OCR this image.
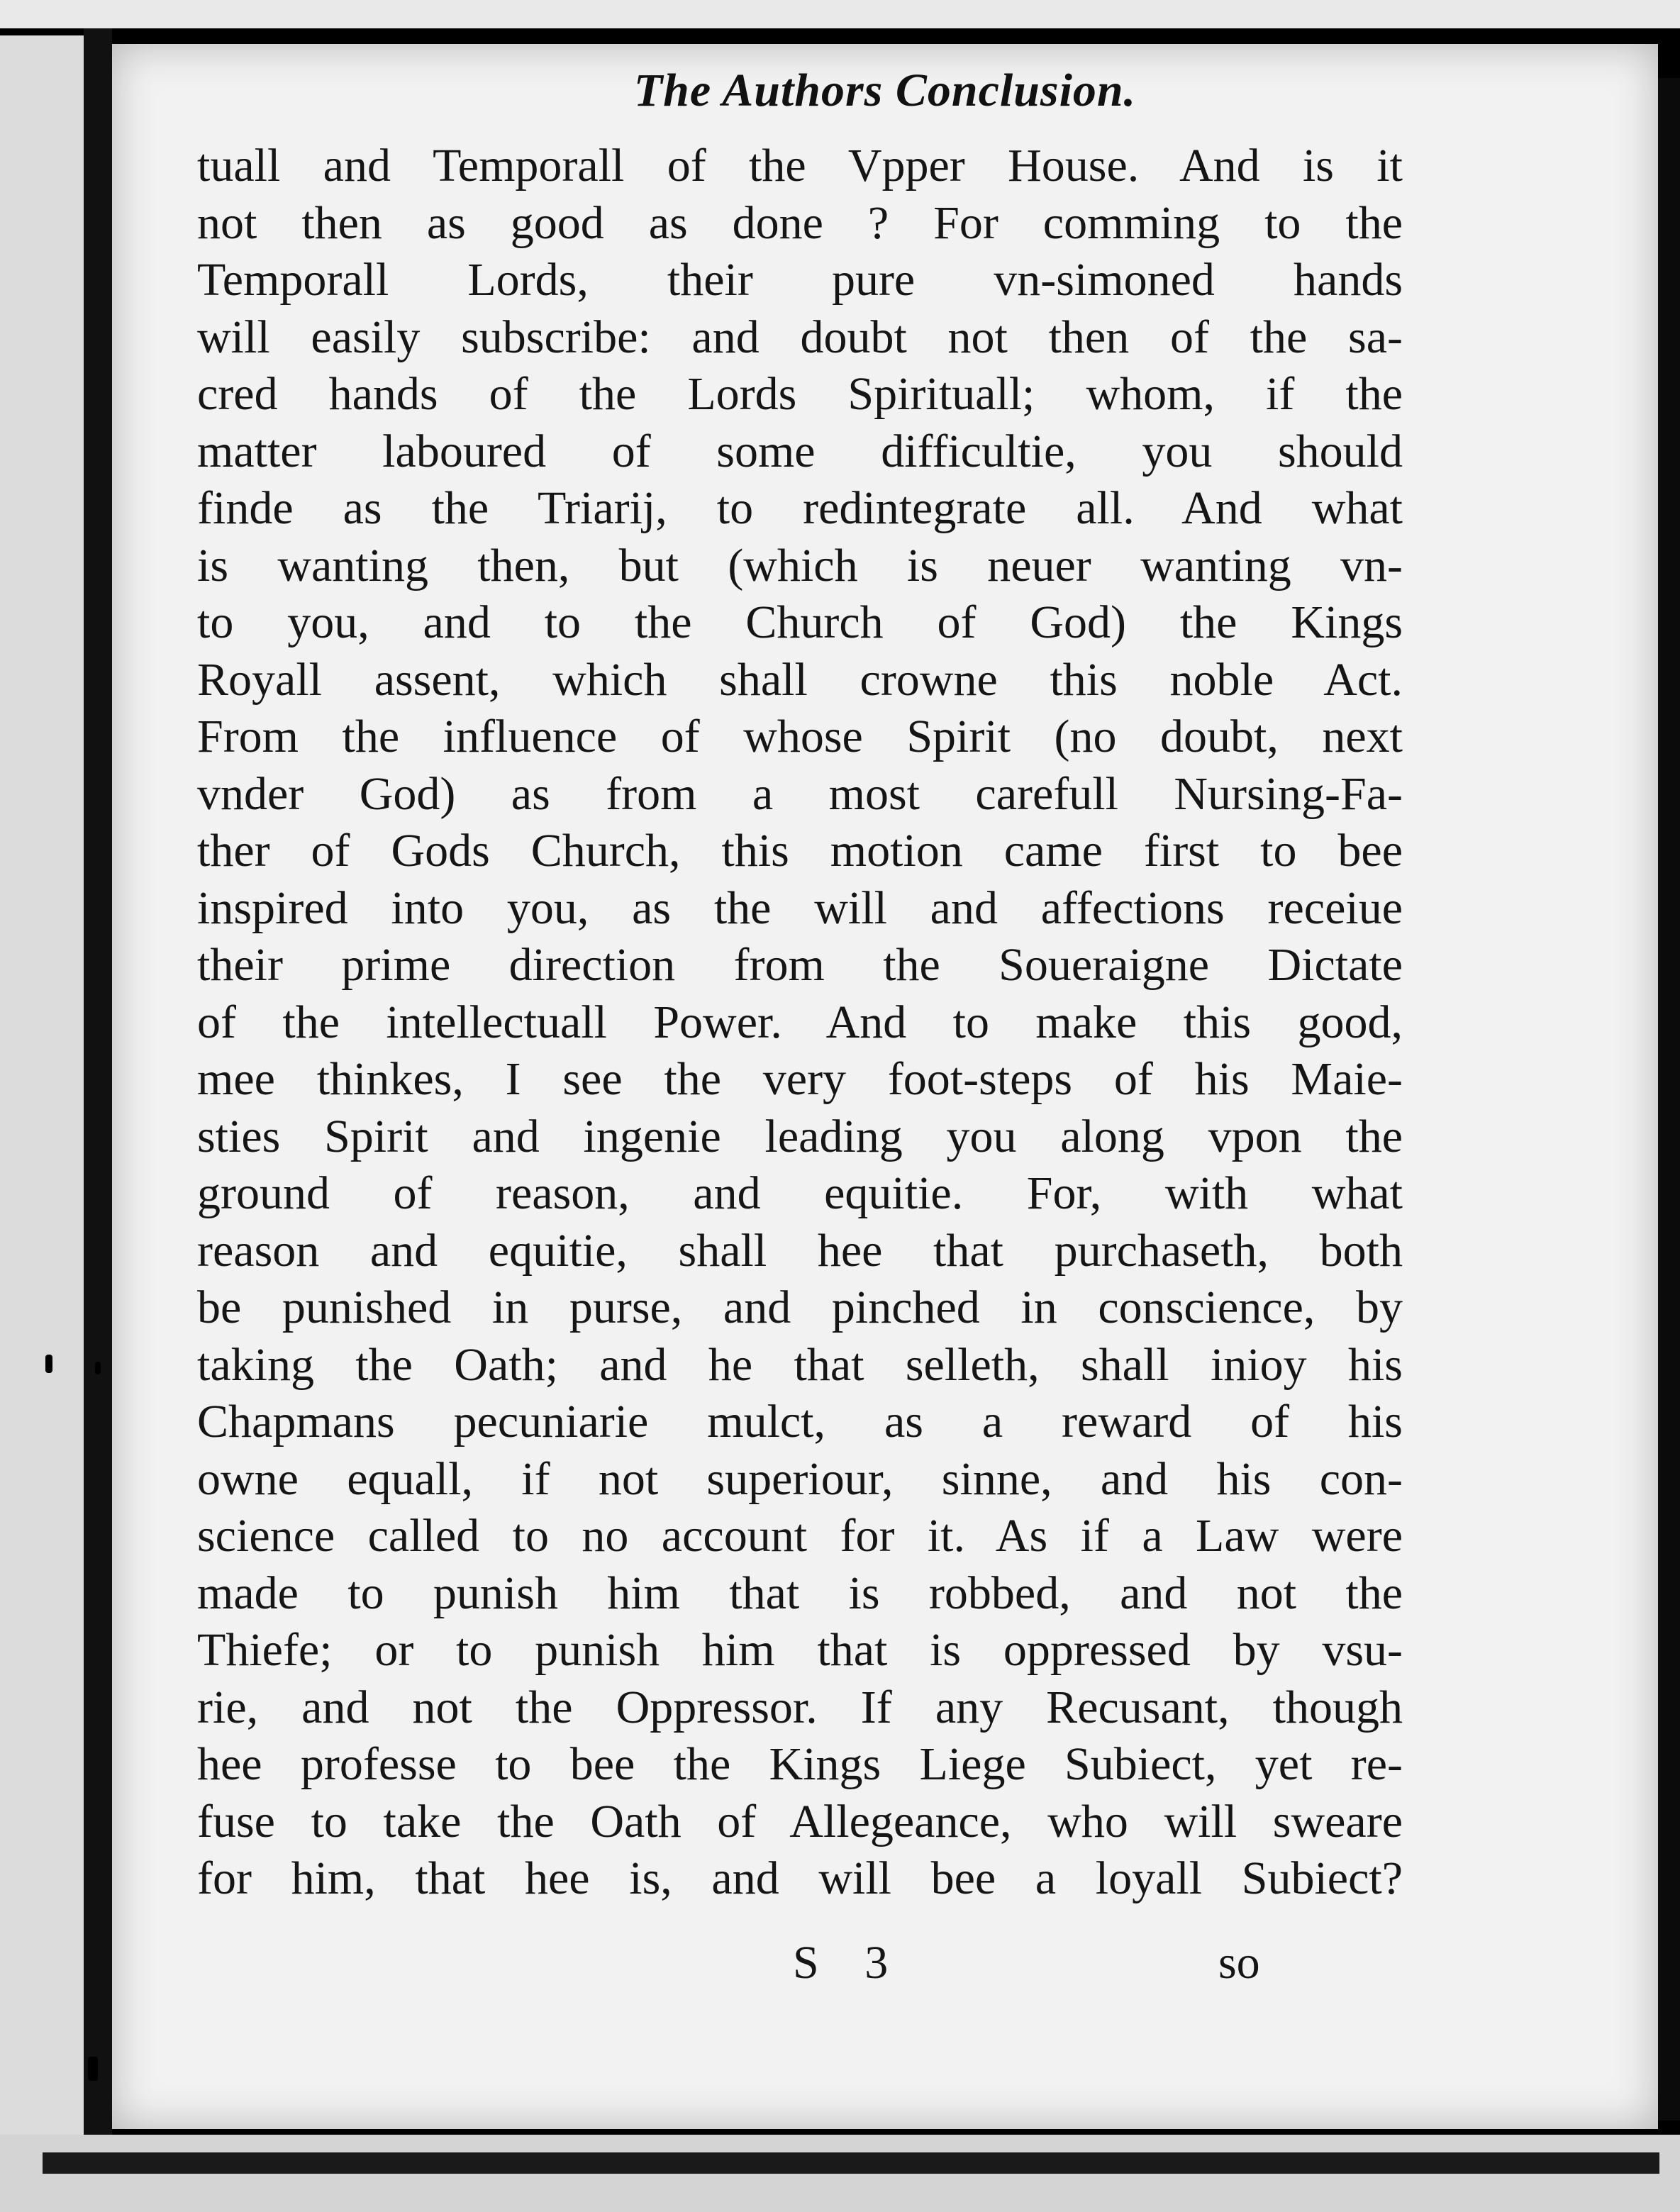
The Authors Conclusion.
tuall and Temporall of the Vpper House. And is it
not then as good as done ? For comming to the
Temporall Lords, their pure vn-simoned hands
will easily subscribe: and doubt not then of the sa-
cred hands of the Lords Spirituall; whom, if the
matter laboured of some difficultie, you should
finde as the Triarij, to redintegrate all. And what
is wanting then, but (which is neuer wanting vn-
to you, and to the Church of God) the Kings
Royall assent, which shall crowne this noble Act.
From the influence of whose Spirit (no doubt, next
vnder God) as from a most carefull Nursing-Fa-
ther of Gods Church, this motion came first to bee
inspired into you, as the will and affections receiue
their prime direction from the Soueraigne Dictate
of the intellectuall Power. And to make this good,
mee thinkes, I see the very foot-steps of his Maie-
sties Spirit and ingenie leading you along vpon the
ground of reason, and equitie. For, with what
reason and equitie, shall hee that purchaseth, both
be punished in purse, and pinched in conscience, by
taking the Oath; and he that selleth, shall inioy his
Chapmans pecuniarie mulct, as a reward of his
owne equall, if not superiour, sinne, and his con-
science called to no account for it. As if a Law were
made to punish him that is robbed, and not the
Thiefe; or to punish him that is oppressed by vsu-
rie, and not the Oppressor. If any Recusant, though
hee professe to bee the Kings Liege Subiect, yet re-
fuse to take the Oath of Allegeance, who will sweare
for him, that hee is, and will bee a loyall Subiect?
S 3	so
